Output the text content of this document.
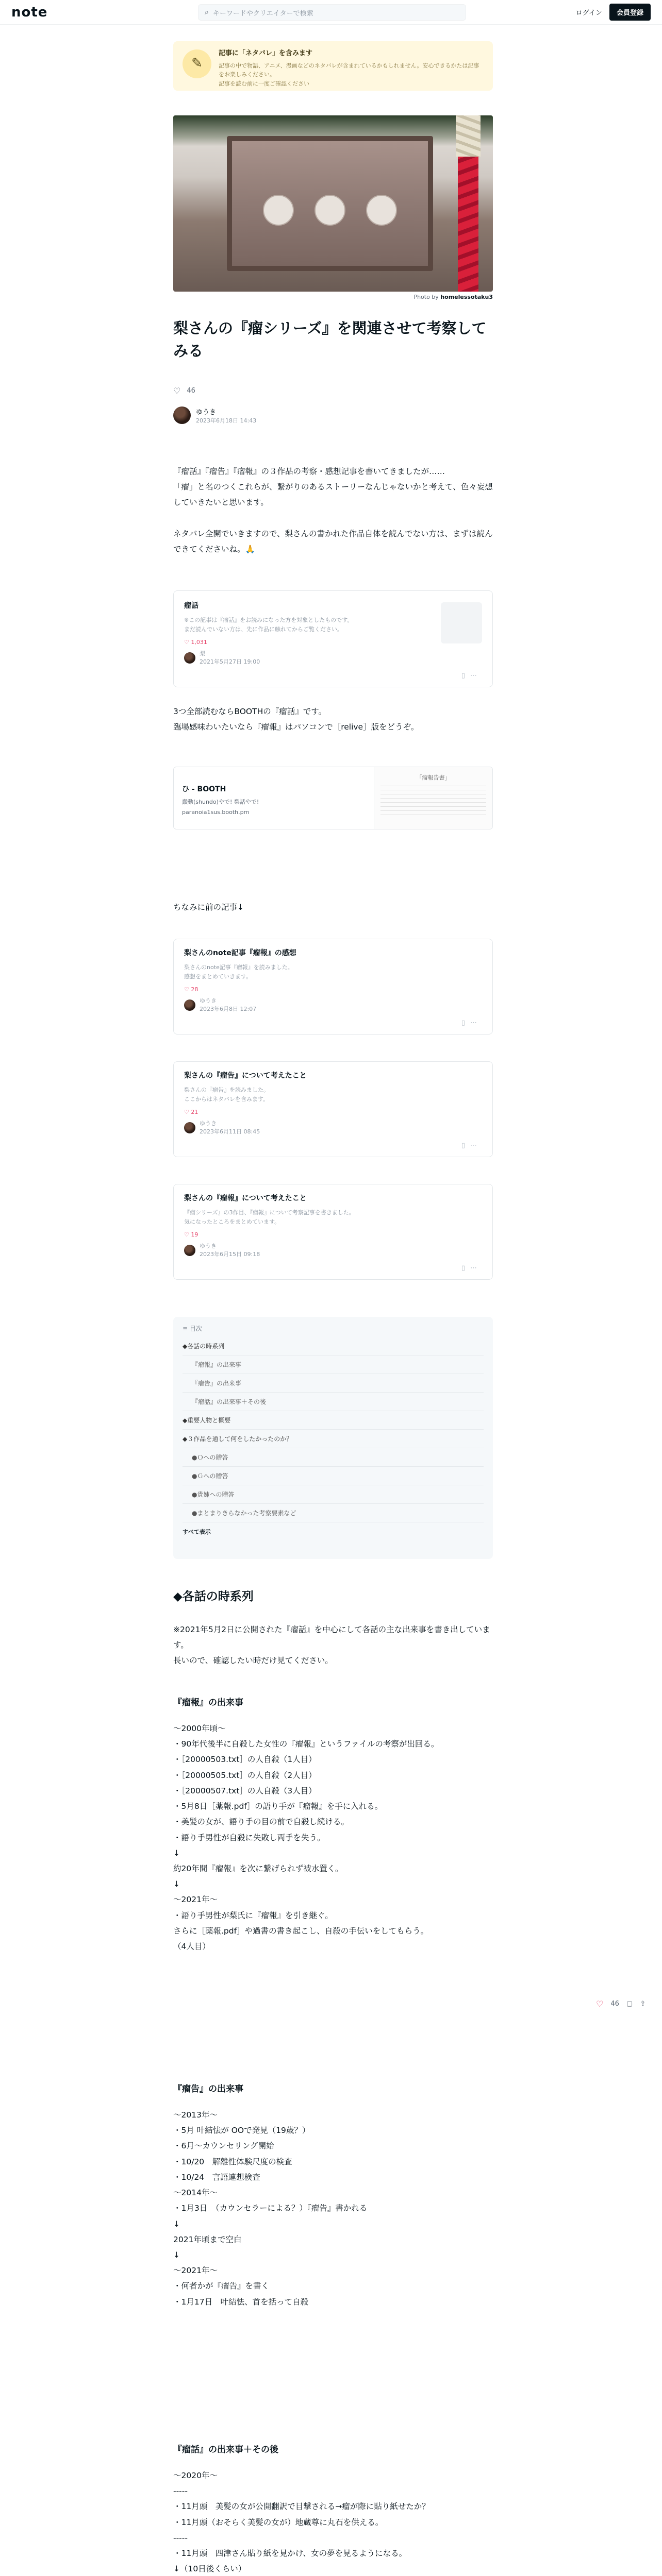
note	ログイン	会員登録
⌕ キーワードやクリエイターで検索
✎
記事に「ネタバレ」を含みます
記事の中で物語、アニメ、漫画などのネタバレが含まれているかもしれません。安心できるかたは記事をお楽しみください。
記事を読む前に一度ご確認ください
Photo by homelessotaku3
梨さんの『瘤シリーズ』を関連させて考察してみる
♡ 46
ゆうき
2023年6月18日 14:43
『瘤話』『瘤告』『瘤報』の３作品の考察・感想記事を書いてきましたが……
「瘤」と名のつくこれらが、繋がりのあるストーリーなんじゃないかと考えて、色々妄想していきたいと思います。
ネタバレ全開でいきますので、梨さんの書かれた作品自体を読んでない方は、まずは読んできてくださいね。🙏
瘤話
※この記事は『瘤話』をお読みになった方を対象としたものです。
まだ読んでいない方は、先に作品に触れてからご覧ください。
♡ 1,031
梨
2021年5月27日 19:00
▯⋯
3つ全部読むならBOOTHの『瘤話』です。
臨場感味わいたいなら『瘤報』はパソコンで［relive］版をどうぞ。
ひ - BOOTH
蠢動(shundo)やで! 梨話やで!
paranoia1sus.booth.pm
「瘤報告書」
ちなみに前の記事↓
梨さんのnote記事『瘤報』の感想
梨さんのnote記事『瘤報』を読みました。
感想をまとめていきます。
♡ 28
ゆうき
2023年6月8日 12:07
▯⋯
梨さんの『瘤告』について考えたこと
梨さんの『瘤告』を読みました。
ここからはネタバレを含みます。
♡ 21
ゆうき
2023年6月11日 08:45
▯⋯
梨さんの『瘤報』について考えたこと
『瘤シリーズ』の3作目、『瘤報』について考察記事を書きました。
気になったところをまとめています。
♡ 19
ゆうき
2023年6月15日 09:18
▯⋯
≡ 目次
◆各話の時系列
『瘤報』の出来事
『瘤告』の出来事
『瘤話』の出来事＋その後
◆重要人物と概要
◆３作品を通して何をしたかったのか？
●Ｏへの贈答
●Ｇへの贈答
●貴姉への贈答
●まとまりきらなかった考察要素など
すべて表示
◆各話の時系列
※2021年5月2日に公開された『瘤話』を中心にして各話の主な出来事を書き出しています。
長いので、確認したい時だけ見てください。
『瘤報』の出来事
〜2000年頃〜
・90年代後半に自殺した女性の『瘤報』というファイルの考察が出回る。
・［20000503.txt］の人自殺（1人目）
・［20000505.txt］の人自殺（2人目）
・［20000507.txt］の人自殺（3人目）
・5月8日［薬報.pdf］の語り手が『瘤報』を手に入れる。
・美髪の女が、語り手の目の前で自殺し続ける。
・語り手男性が自殺に失敗し両手を失う。
↓
約20年間『瘤報』を次に繋げられず被水置く。
↓
〜2021年〜
・語り手男性が梨氏に『瘤報』を引き継ぐ。
さらに［薬報.pdf］や過書の書き起こし、自殺の手伝いをしてもらう。
（4人目）
『瘤告』の出来事
〜2013年〜
・5月 叶結怯が OOで発見（19歳？）
・6月〜カウンセリング開始
・10/20　解離性体験尺度の検査
・10/24　言語連想検査
〜2014年〜
・1月3日　（カウンセラーによる？）『瘤告』書かれる
↓
2021年頃まで空白
↓
〜2021年〜
・何者かが『瘤告』を書く
・1月17日　叶結怯、首を括って自殺
『瘤話』の出来事＋その後
〜2020年〜
-----
・11月頭　美髪の女が公開翻訳で目撃される→瘤が際に貼り紙せたか？
・11月頭（おそらく美髪の女が）地蔵尊に丸石を供える。
-----
・11月頭　四津さん貼り紙を見かけ、女の夢を見るようになる。
↓（10日後くらい）
♡ 46 ▢ ⇪
